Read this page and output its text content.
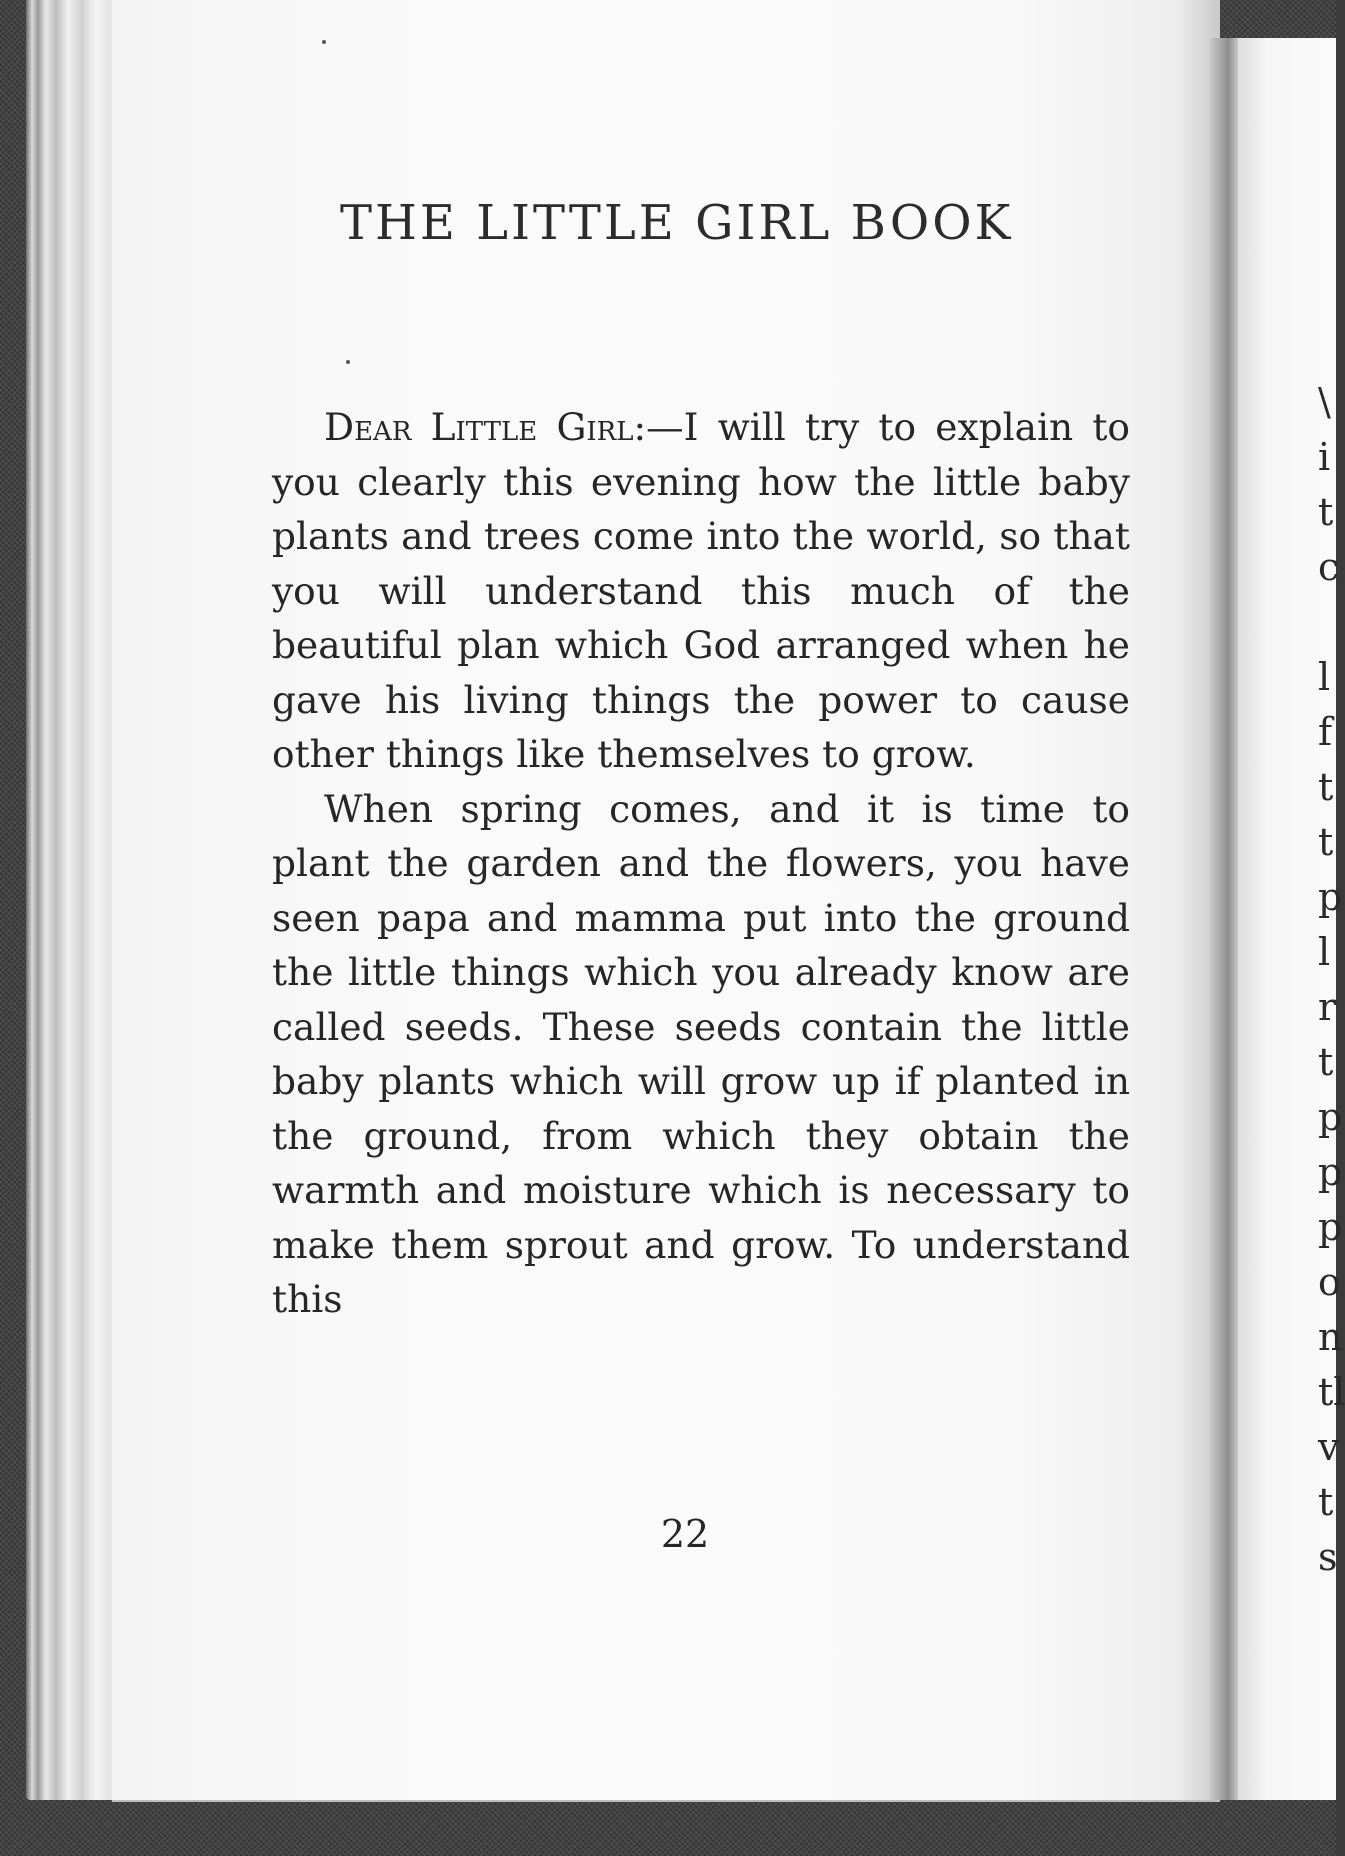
THE LITTLE GIRL BOOK

Dear Little Girl:—I will try to explain to you clearly this evening how the little baby plants and trees come into the world, so that you will understand this much of the beautiful plan which God arranged when he gave his living things the power to cause other things like themselves to grow.

When spring comes, and it is time to plant the garden and the flowers, you have seen papa and mamma put into the ground the little things which you already know are called seeds. These seeds contain the little baby plants which will grow up if planted in the ground, from which they obtain the warmth and moisture which is necessary to make them sprout and grow. To understand this

22
\
i
t
c
l
f
t
t
p
l
r
t
p
p
p
o
n
tl
v
t
s
